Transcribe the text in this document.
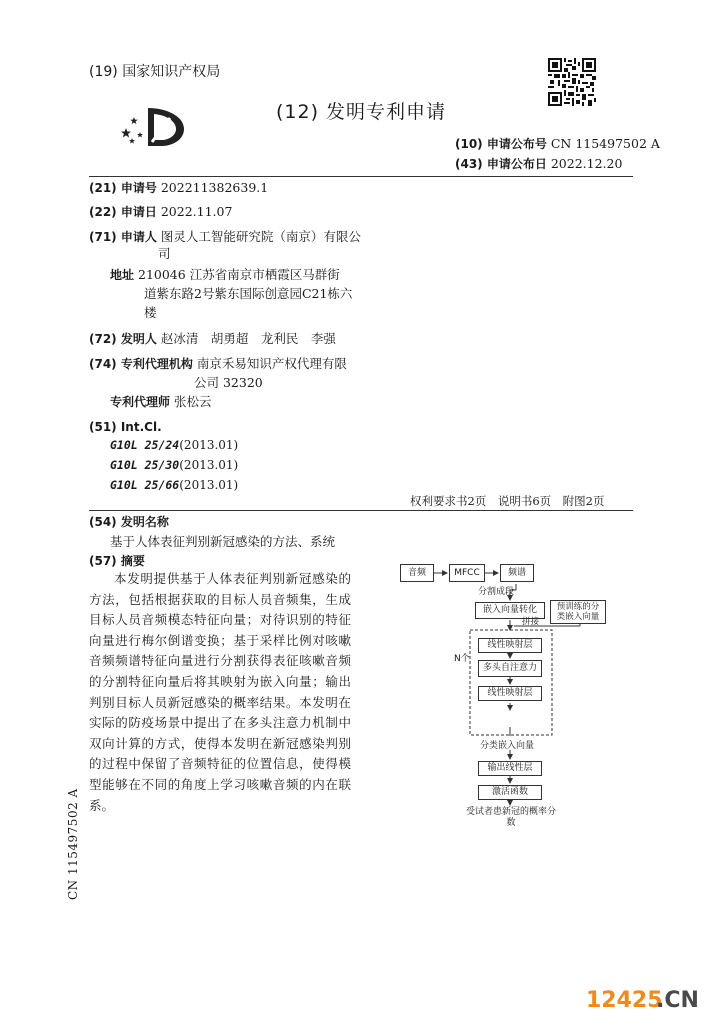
(19) 国家知识产权局
(12) 发明专利申请
(10) 申请公布号 CN 115497502 A
(43) 申请公布日 2022.12.20
(21) 申请号 202211382639.1
(22) 申请日 2022.11.07
(71) 申请人 图灵人工智能研究院（南京）有限公
司
地址 210046 江苏省南京市栖霞区马群街
道紫东路2号紫东国际创意园C21栋六
楼
(72) 发明人 赵冰清　胡勇超　龙利民　李强
(74) 专利代理机构 南京禾易知识产权代理有限
公司 32320
专利代理师 张松云
(51) Int.Cl.
G10L 25/24(2013.01)
G10L 25/30(2013.01)
G10L 25/66(2013.01)
权利要求书2页　说明书6页　附图2页
(54) 发明名称
基于人体表征判别新冠感染的方法、系统
(57) 摘要
本发明提供基于人体表征判别新冠感染的方法，包括根据获取的目标人员音频集，生成目标人员音频模态特征向量；对待识别的特征向量进行梅尔倒谱变换；基于采样比例对咳嗽音频频谱特征向量进行分割获得表征咳嗽音频的分割特征向量后将其映射为嵌入向量；输出判别目标人员新冠感染的概率结果。本发明在实际的防疫场景中提出了在多头注意力机制中双向计算的方式，使得本发明在新冠感染判别的过程中保留了音频特征的位置信息，使得模型能够在不同的角度上学习咳嗽音频的内在联系。
音频	MFCC	频谱
分割成段
嵌入向量转化	预训练的分类嵌入向量
拼接
N个
线性映射层
多头自注意力
线性映射层
分类嵌入向量
输出线性层
激活函数
受试者患新冠的概率分数
CN 115497502 A
12425
.CN
